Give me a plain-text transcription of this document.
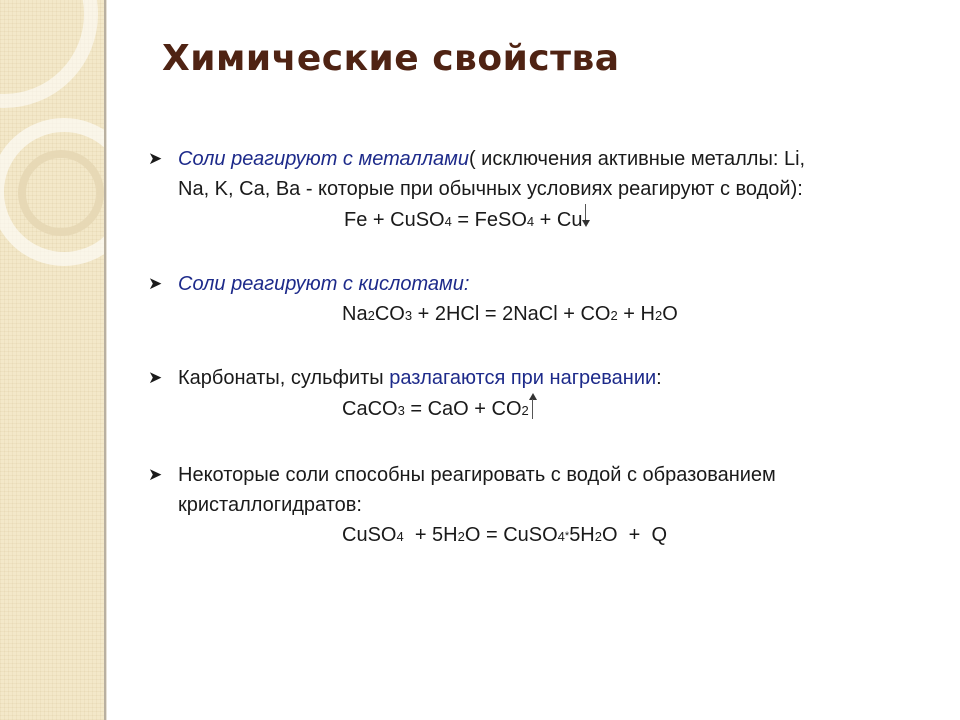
Химические свойства
➤ Соли реагируют с металлами( исключения активные металлы: Li,
Na, K, Ca, Ba - которые при обычных условиях реагируют с водой):
Fe + CuSO4 = FeSO4 + Cu
➤ Соли реагируют с кислотами:
Na2CO3 + 2HCl = 2NaCl + CO2 + H2O
➤ Карбонаты, сульфиты разлагаются при нагревании:
CaCO3 = CaO + CO2
➤ Некоторые соли способны реагировать с водой с образованием
кристаллогидратов:
CuSO4  + 5H2O = CuSO4*5H2O  +  Q
